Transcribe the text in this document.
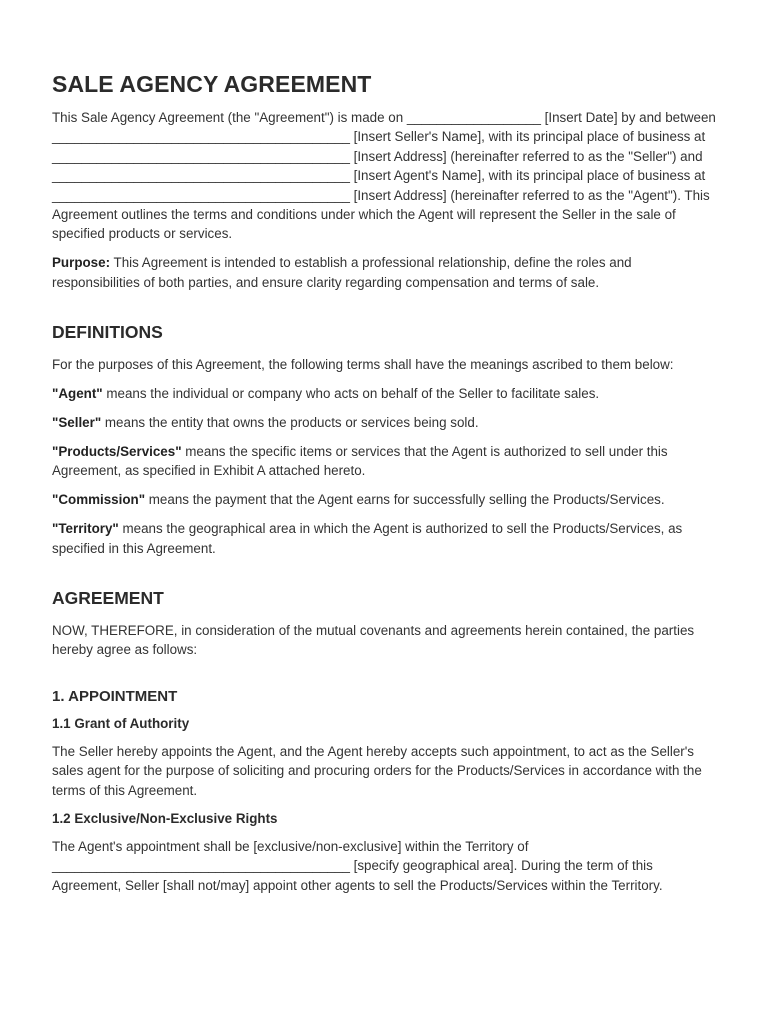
SALE AGENCY AGREEMENT

This Sale Agency Agreement (the "Agreement") is made on __________________ [Insert Date] by and between ________________________________________ [Insert Seller's Name], with its principal place of business at ________________________________________ [Insert Address] (hereinafter referred to as the "Seller") and ________________________________________ [Insert Agent's Name], with its principal place of business at ________________________________________ [Insert Address] (hereinafter referred to as the "Agent"). This Agreement outlines the terms and conditions under which the Agent will represent the Seller in the sale of specified products or services.

Purpose: This Agreement is intended to establish a professional relationship, define the roles and responsibilities of both parties, and ensure clarity regarding compensation and terms of sale.

DEFINITIONS

For the purposes of this Agreement, the following terms shall have the meanings ascribed to them below:

"Agent" means the individual or company who acts on behalf of the Seller to facilitate sales.

"Seller" means the entity that owns the products or services being sold.

"Products/Services" means the specific items or services that the Agent is authorized to sell under this Agreement, as specified in Exhibit A attached hereto.

"Commission" means the payment that the Agent earns for successfully selling the Products/Services.

"Territory" means the geographical area in which the Agent is authorized to sell the Products/Services, as specified in this Agreement.

AGREEMENT

NOW, THEREFORE, in consideration of the mutual covenants and agreements herein contained, the parties hereby agree as follows:

1. APPOINTMENT
1.1 Grant of Authority

The Seller hereby appoints the Agent, and the Agent hereby accepts such appointment, to act as the Seller's sales agent for the purpose of soliciting and procuring orders for the Products/Services in accordance with the terms of this Agreement.

1.2 Exclusive/Non-Exclusive Rights

The Agent's appointment shall be [exclusive/non-exclusive] within the Territory of ________________________________________ [specify geographical area]. During the term of this Agreement, Seller [shall not/may] appoint other agents to sell the Products/Services within the Territory.
